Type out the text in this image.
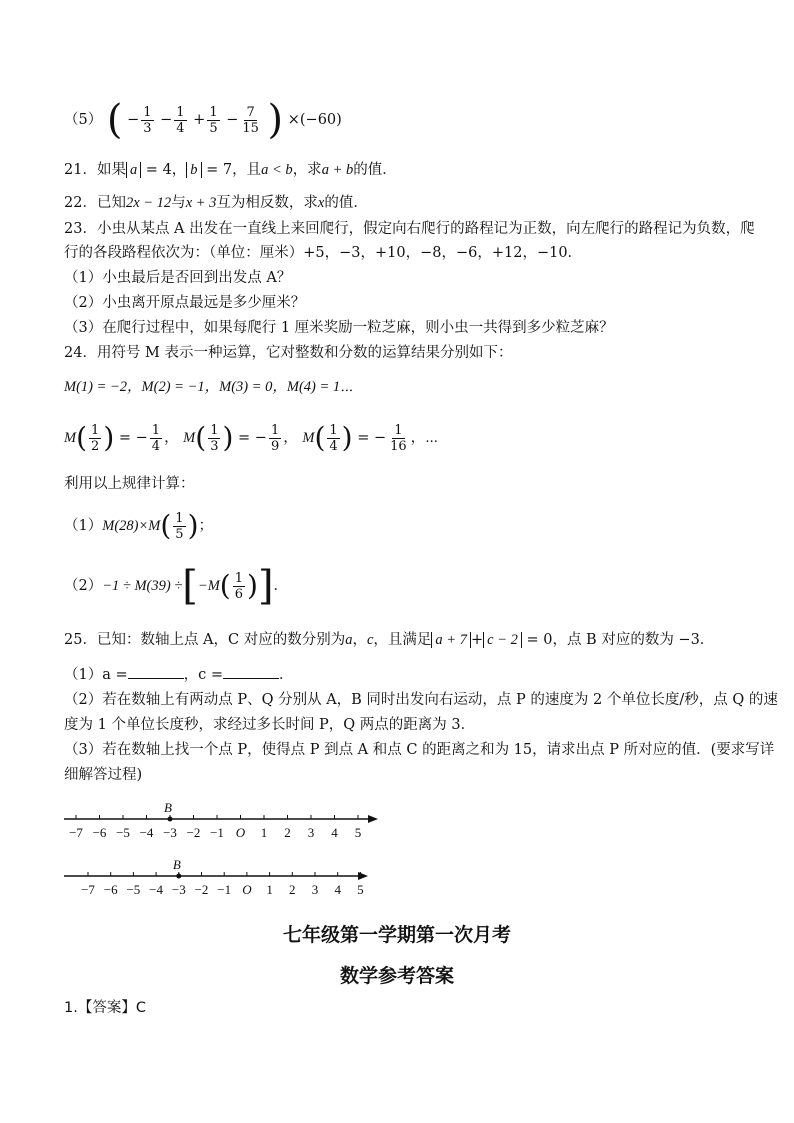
（5） ( − $\frac{1}{3} - \frac{1}{4} + \frac{1}{5} - \frac{7}{15}$ ) ×(−60)
21．如果 a = 4， b = 7，且a < b，求a + b的值．
22．已知2x − 12与x + 3互为相反数，求x的值．
23．小虫从某点 A 出发在一直线上来回爬行，假定向右爬行的路程记为正数，向左爬行的路程记为负数，爬
行的各段路程依次为：（单位：厘米）+5，−3，+10，−8，−6，+12，−10．
（1）小虫最后是否回到出发点 A？
（2）小虫离开原点最远是多少厘米？
（3）在爬行过程中，如果每爬行 1 厘米奖励一粒芝麻，则小虫一共得到多少粒芝麻？
24．用符号 M 表示一种运算，它对整数和分数的运算结果分别如下：
M(1) = −2，M(2) = −1，M(3) = 0，M(4) = 1⋯
$M( \frac{1}{2}$ ) = − $\frac{1}{4}$ ， $M( \frac{1}{3}$ ) = − $\frac{1}{9}$ ， $M( \frac{1}{4}$ ) = − $\frac{1}{16}$ ，⋯
利用以上规律计算：
$(1)M(28)\times M( \frac{1}{5}$ )；
$(2)-1 \div M(39) \div[-M( \frac{1}{6}$ )]．
25．已知：数轴上点 A，C 对应的数分别为a，c，且满足 a + 7 + c − 2 = 0，点 B 对应的数为 −3．
（1）a =	，c =	．
（2）若在数轴上有两动点 P、Q 分别从 A，B 同时出发向右运动，点 P 的速度为 2 个单位长度/秒，点 Q 的速
度为 1 个单位长度秒，求经过多长时间 P，Q 两点的距离为 3．
（3）若在数轴上找一个点 P，使得点 P 到点 A 和点 C 的距离之和为 15，请求出点 P 所对应的值．(要求写详
细解答过程)
−7 −6 −5 −4 −3
B
−2 −1 O 1 2 3 4 5
−7 −6 −5 −4 −3
B
−2 −1 O 1 2 3 4 5
七年级第一学期第一次月考
数学参考答案
1.【答案】C
